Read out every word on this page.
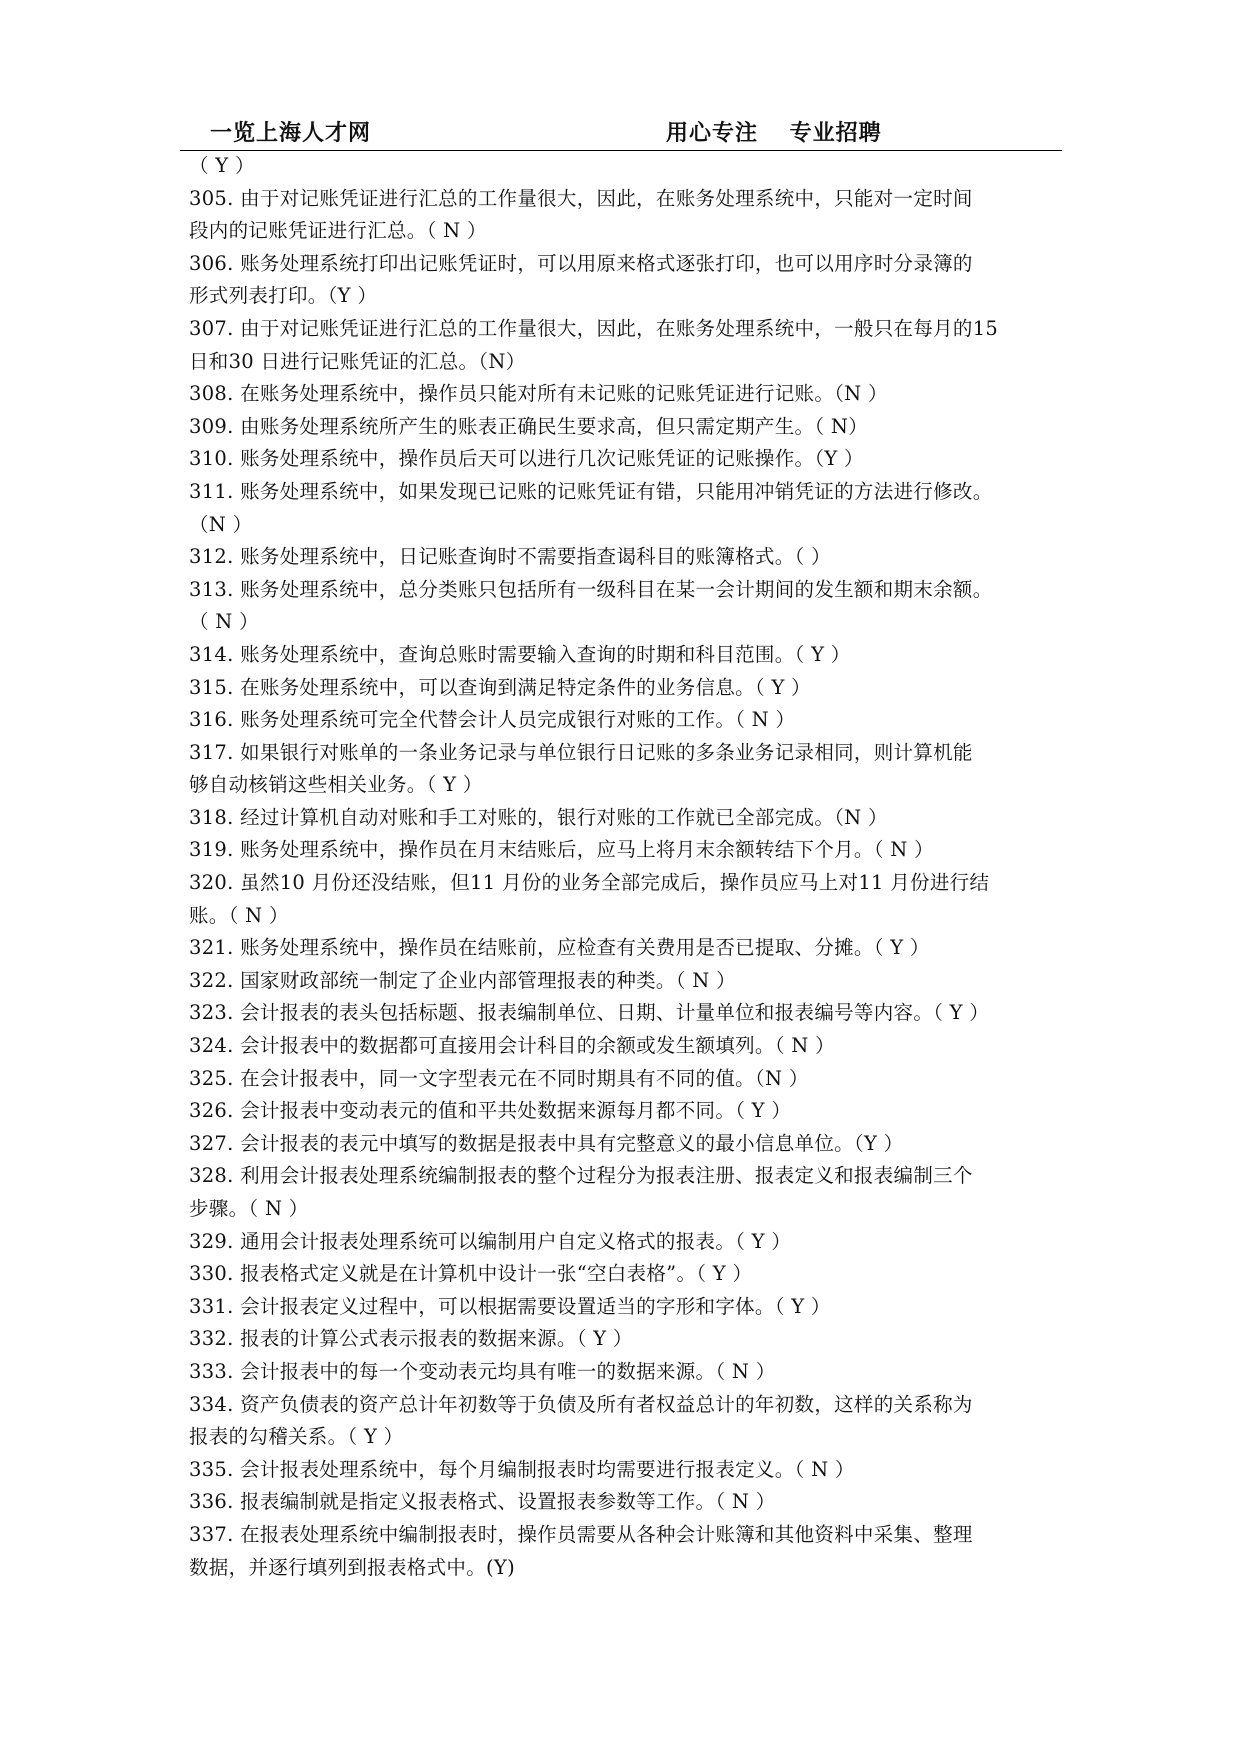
一览上海人才网	用心专注　 专业招聘
（ Y ）
305. 由于对记账凭证进行汇总的工作量很大，因此，在账务处理系统中，只能对一定时间
段内的记账凭证进行汇总。（ N ）
306. 账务处理系统打印出记账凭证时，可以用原来格式逐张打印，也可以用序时分录簿的
形式列表打印。（Y ）
307. 由于对记账凭证进行汇总的工作量很大，因此，在账务处理系统中，一般只在每月的15
日和30 日进行记账凭证的汇总。（N）
308. 在账务处理系统中，操作员只能对所有未记账的记账凭证进行记账。（N ）
309. 由账务处理系统所产生的账表正确民生要求高，但只需定期产生。（ N）
310. 账务处理系统中，操作员后天可以进行几次记账凭证的记账操作。（Y ）
311. 账务处理系统中，如果发现已记账的记账凭证有错，只能用冲销凭证的方法进行修改。
（N ）
312. 账务处理系统中，日记账查询时不需要指查谒科目的账簿格式。（ ）
313. 账务处理系统中，总分类账只包括所有一级科目在某一会计期间的发生额和期末余额。
（ N ）
314. 账务处理系统中，查询总账时需要输入查询的时期和科目范围。（ Y ）
315. 在账务处理系统中，可以查询到满足特定条件的业务信息。（ Y ）
316. 账务处理系统可完全代替会计人员完成银行对账的工作。（ N ）
317. 如果银行对账单的一条业务记录与单位银行日记账的多条业务记录相同，则计算机能
够自动核销这些相关业务。（ Y ）
318. 经过计算机自动对账和手工对账的，银行对账的工作就已全部完成。（N ）
319. 账务处理系统中，操作员在月末结账后，应马上将月末余额转结下个月。（ N ）
320. 虽然10 月份还没结账，但11 月份的业务全部完成后，操作员应马上对11 月份进行结
账。（ N ）
321. 账务处理系统中，操作员在结账前，应检查有关费用是否已提取、分摊。（ Y ）
322. 国家财政部统一制定了企业内部管理报表的种类。（ N ）
323. 会计报表的表头包括标题、报表编制单位、日期、计量单位和报表编号等内容。（ Y ）
324. 会计报表中的数据都可直接用会计科目的余额或发生额填列。（ N ）
325. 在会计报表中，同一文字型表元在不同时期具有不同的值。（N ）
326. 会计报表中变动表元的值和平共处数据来源每月都不同。（ Y ）
327. 会计报表的表元中填写的数据是报表中具有完整意义的最小信息单位。（Y ）
328. 利用会计报表处理系统编制报表的整个过程分为报表注册、报表定义和报表编制三个
步骤。（ N ）
329. 通用会计报表处理系统可以编制用户自定义格式的报表。（ Y ）
330. 报表格式定义就是在计算机中设计一张“空白表格”。（ Y ）
331. 会计报表定义过程中，可以根据需要设置适当的字形和字体。（ Y ）
332. 报表的计算公式表示报表的数据来源。（ Y ）
333. 会计报表中的每一个变动表元均具有唯一的数据来源。（ N ）
334. 资产负债表的资产总计年初数等于负债及所有者权益总计的年初数，这样的关系称为
报表的勾稽关系。（ Y ）
335. 会计报表处理系统中，每个月编制报表时均需要进行报表定义。（ N ）
336. 报表编制就是指定义报表格式、设置报表参数等工作。（ N ）
337. 在报表处理系统中编制报表时，操作员需要从各种会计账簿和其他资料中采集、整理
数据，并逐行填列到报表格式中。(Y)
